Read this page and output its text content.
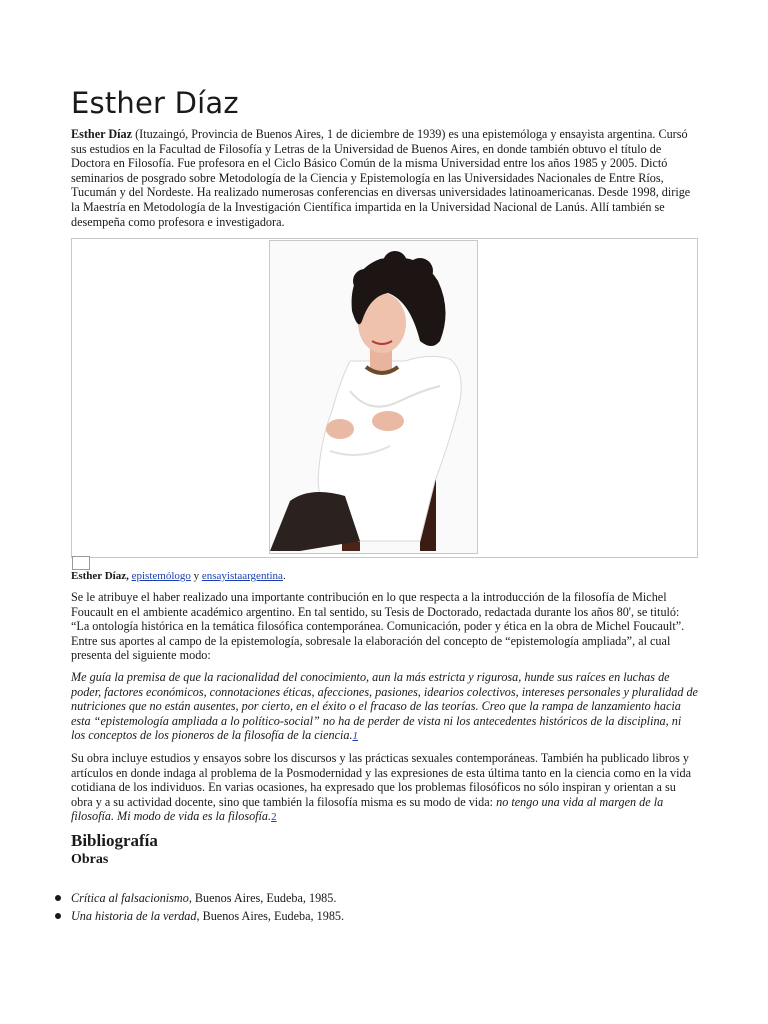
Esther Díaz

Esther Díaz (Ituzaingó, Provincia de Buenos Aires, 1 de diciembre de 1939) es una epistemóloga y ensayista argentina. Cursó sus estudios en la Facultad de Filosofía y Letras de la Universidad de Buenos Aires, en donde también obtuvo el título de Doctora en Filosofía. Fue profesora en el Ciclo Básico Común de la misma Universidad entre los años 1985 y 2005. Dictó seminarios de posgrado sobre Metodología de la Ciencia y Epistemología en las Universidades Nacionales de Entre Ríos, Tucumán y del Nordeste. Ha realizado numerosas conferencias en diversas universidades latinoamericanas. Desde 1998, dirige la Maestría en Metodología de la Investigación Científica impartida en la Universidad Nacional de Lanús. Allí también se desempeña como profesora e investigadora.

Esther Díaz, epistemólogo y ensayistaargentina.

Se le atribuye el haber realizado una importante contribución en lo que respecta a la introducción de la filosofía de Michel Foucault en el ambiente académico argentino. En tal sentido, su Tesis de Doctorado, redactada durante los años 80', se tituló: “La ontología histórica en la temática filosófica contemporánea. Comunicación, poder y ética en la obra de Michel Foucault”. Entre sus aportes al campo de la epistemología, sobresale la elaboración del concepto de “epistemología ampliada”, al cual presenta del siguiente modo:

Me guía la premisa de que la racionalidad del conocimiento, aun la más estricta y rigurosa, hunde sus raíces en luchas de poder, factores económicos, connotaciones éticas, afecciones, pasiones, idearios colectivos, intereses personales y pluralidad de nutriciones que no están ausentes, por cierto, en el éxito o el fracaso de las teorías. Creo que la rampa de lanzamiento hacia esta “epistemología ampliada a lo político-social” no ha de perder de vista ni los antecedentes históricos de la disciplina, ni los conceptos de los pioneros de la filosofía de la ciencia.1

Su obra incluye estudios y ensayos sobre los discursos y las prácticas sexuales contemporáneas. También ha publicado libros y artículos en donde indaga al problema de la Posmodernidad y las expresiones de esta última tanto en la ciencia como en la vida cotidiana de los individuos. En varias ocasiones, ha expresado que los problemas filosóficos no sólo inspiran y orientan a su obra y a su actividad docente, sino que también la filosofía misma es su modo de vida: no tengo una vida al margen de la filosofía. Mi modo de vida es la filosofía.2

Bibliografía
Obras
Crítica al falsacionismo, Buenos Aires, Eudeba, 1985.
Una historia de la verdad, Buenos Aires, Eudeba, 1985.
